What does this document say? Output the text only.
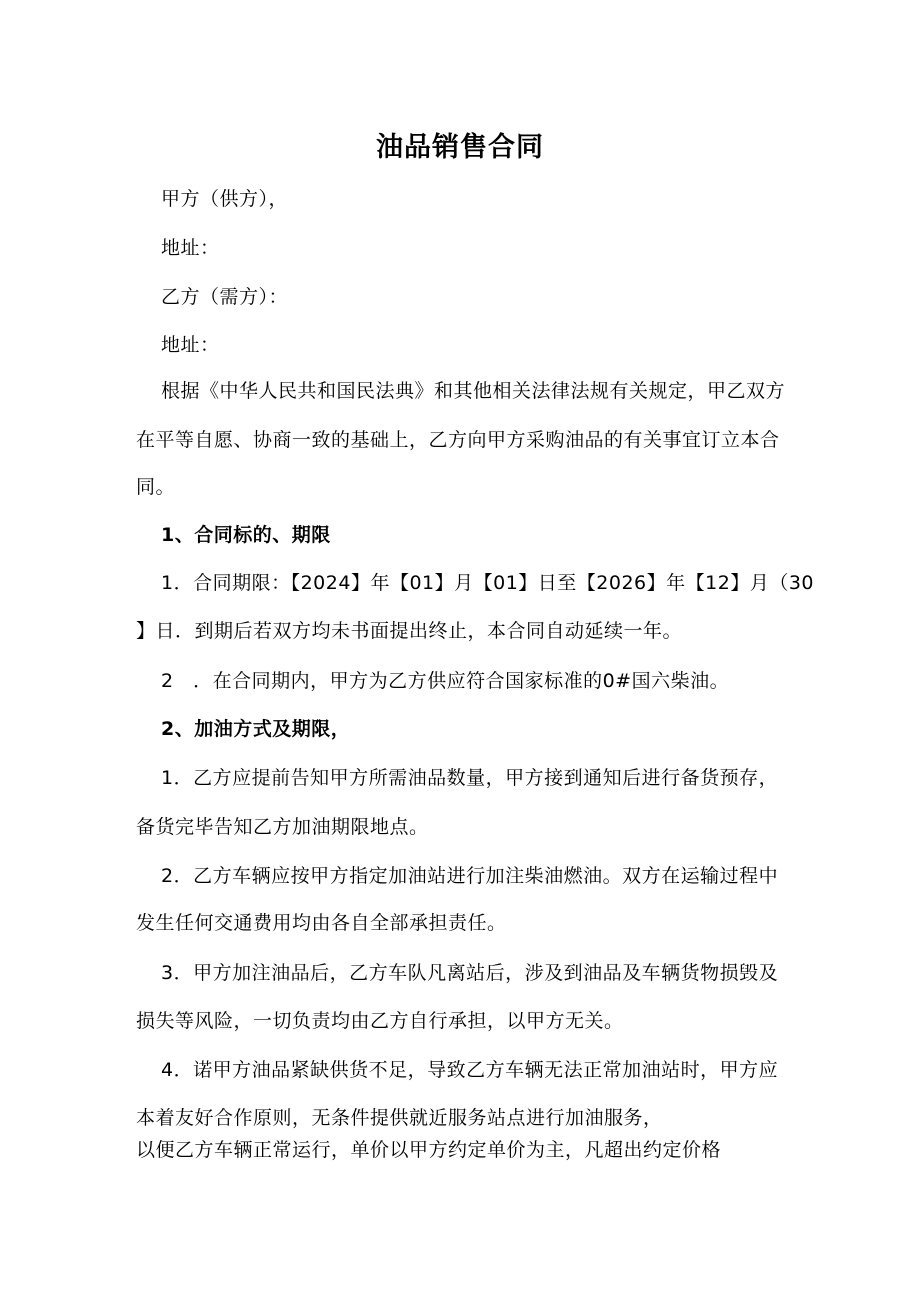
油品销售合同
甲方（供方），
地址：
乙方（需方）：
地址：
根据《中华人民共和国民法典》和其他相关法律法规有关规定，甲乙双方
在平等自愿、协商一致的基础上，乙方向甲方采购油品的有关事宜订立本合
同。
1、合同标的、期限
1．合同期限：【2024】年【01】月【01】日至【2026】年【12】月（30
】日．到期后若双方均未书面提出终止，本合同自动延续一年。
2　．在合同期内，甲方为乙方供应符合国家标准的0#国六柴油。
2、加油方式及期限，
1．乙方应提前告知甲方所需油品数量，甲方接到通知后进行备货预存，
备货完毕告知乙方加油期限地点。
2．乙方车辆应按甲方指定加油站进行加注柴油燃油。双方在运输过程中
发生任何交通费用均由各自全部承担责任。
3．甲方加注油品后，乙方车队凡离站后，涉及到油品及车辆货物损毁及
损失等风险，一切负责均由乙方自行承担，以甲方无关。
4．诺甲方油品紧缺供货不足，导致乙方车辆无法正常加油站时，甲方应
本着友好合作原则，无条件提供就近服务站点进行加油服务，
以便乙方车辆正常运行，单价以甲方约定单价为主，凡超出约定价格
